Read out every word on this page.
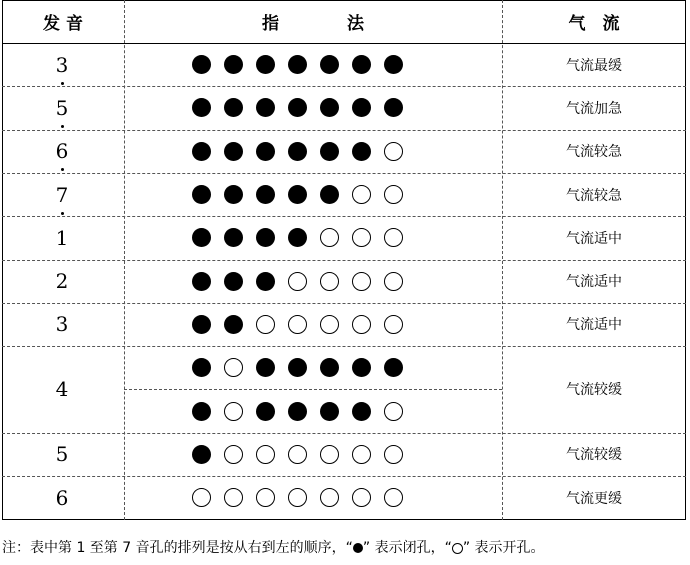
发 音	指　　　　法	气　流
3	气流最缓
5	气流加急
6	气流较急
7	气流较急
1	气流适中
2	气流适中
3	气流适中
4	气流较缓
5	气流较缓
6	气流更缓
注：表中第 1 至第 7 音孔的排列是按从右到左的顺序，“ ” 表示闭孔，“ ” 表示开孔。
